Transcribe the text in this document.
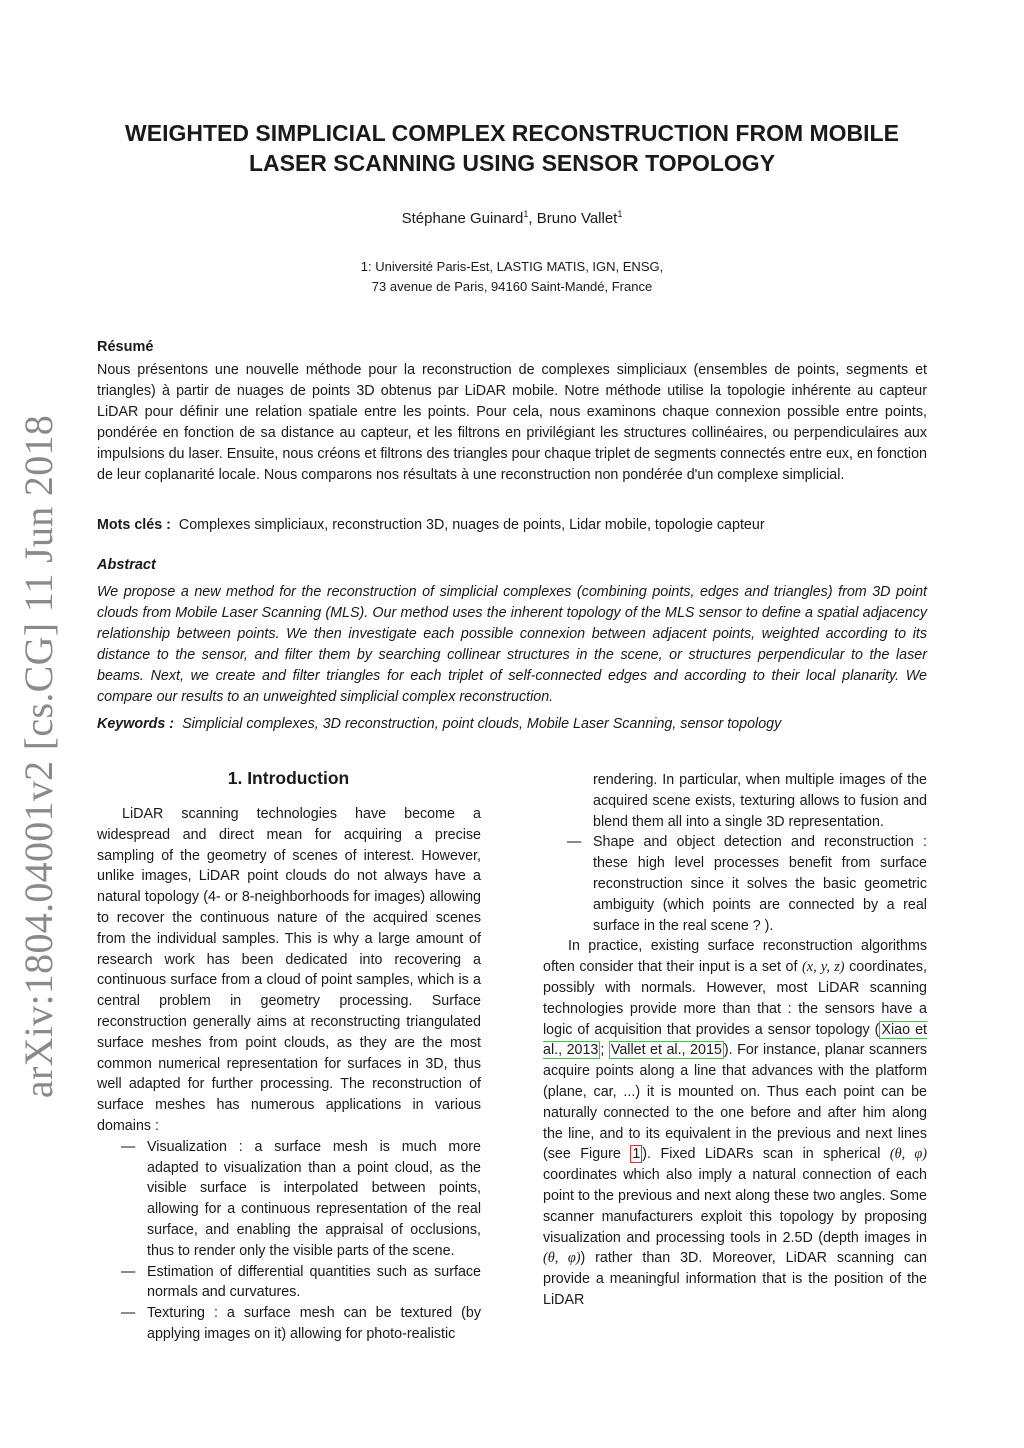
arXiv:1804.04001v2 [cs.CG] 11 Jun 2018
WEIGHTED SIMPLICIAL COMPLEX RECONSTRUCTION FROM MOBILE LASER SCANNING USING SENSOR TOPOLOGY
Stéphane Guinard$^1$, Bruno Vallet$^1$
1: Université Paris-Est, LASTIG MATIS, IGN, ENSG,
73 avenue de Paris, 94160 Saint-Mandé, France
Résumé

Nous présentons une nouvelle méthode pour la reconstruction de complexes simpliciaux (ensembles de points, segments et triangles) à partir de nuages de points 3D obtenus par LiDAR mobile. Notre méthode utilise la topologie inhérente au capteur LiDAR pour définir une relation spatiale entre les points. Pour cela, nous examinons chaque connexion possible entre points, pondérée en fonction de sa distance au capteur, et les filtrons en privilégiant les structures collinéaires, ou perpendiculaires aux impulsions du laser. Ensuite, nous créons et filtrons des triangles pour chaque triplet de segments connectés entre eux, en fonction de leur coplanarité locale. Nous comparons nos résultats à une reconstruction non pondérée d'un complexe simplicial.

Mots clés : Complexes simpliciaux, reconstruction 3D, nuages de points, Lidar mobile, topologie capteur
Abstract

We propose a new method for the reconstruction of simplicial complexes (combining points, edges and triangles) from 3D point clouds from Mobile Laser Scanning (MLS). Our method uses the inherent topology of the MLS sensor to define a spatial adjacency relationship between points. We then investigate each possible connexion between adjacent points, weighted according to its distance to the sensor, and filter them by searching collinear structures in the scene, or structures perpendicular to the laser beams. Next, we create and filter triangles for each triplet of self-connected edges and according to their local planarity. We compare our results to an unweighted simplicial complex reconstruction.

Keywords : Simplicial complexes, 3D reconstruction, point clouds, Mobile Laser Scanning, sensor topology
1. Introduction

LiDAR scanning technologies have become a widespread and direct mean for acquiring a precise sampling of the geometry of scenes of interest. However, unlike images, LiDAR point clouds do not always have a natural topology (4- or 8-neighborhoods for images) allowing to recover the continuous nature of the acquired scenes from the individual samples. This is why a large amount of research work has been dedicated into recovering a continuous surface from a cloud of point samples, which is a central problem in geometry processing. Surface reconstruction generally aims at reconstructing triangulated surface meshes from point clouds, as they are the most common numerical representation for surfaces in 3D, thus well adapted for further processing. The reconstruction of surface meshes has numerous applications in various domains :

— Visualization : a surface mesh is much more adapted to visualization than a point cloud, as the visible surface is interpolated between points, allowing for a continuous representation of the real surface, and enabling the appraisal of occlusions, thus to render only the visible parts of the scene.
— Estimation of differential quantities such as surface normals and curvatures.
— Texturing : a surface mesh can be textured (by applying images on it) allowing for photo-realistic

rendering. In particular, when multiple images of the acquired scene exists, texturing allows to fusion and blend them all into a single 3D representation.

— Shape and object detection and reconstruction : these high level processes benefit from surface reconstruction since it solves the basic geometric ambiguity (which points are connected by a real surface in the real scene ? ).

In practice, existing surface reconstruction algorithms often consider that their input is a set of (x, y, z) coordinates, possibly with normals. However, most LiDAR scanning technologies provide more than that : the sensors have a logic of acquisition that provides a sensor topology ( Xiao et al., 2013 ; Vallet et al., 2015 ). For instance, planar scanners acquire points along a line that advances with the platform (plane, car, ...) it is mounted on. Thus each point can be naturally connected to the one before and after him along the line, and to its equivalent in the previous and next lines (see Figure 1 ). Fixed LiDARs scan in spherical (θ, φ) coordinates which also imply a natural connection of each point to the previous and next along these two angles. Some scanner manufacturers exploit this topology by proposing visualization and processing tools in 2.5D (depth images in (θ, φ)) rather than 3D. Moreover, LiDAR scanning can provide a meaningful information that is the position of the LiDAR
